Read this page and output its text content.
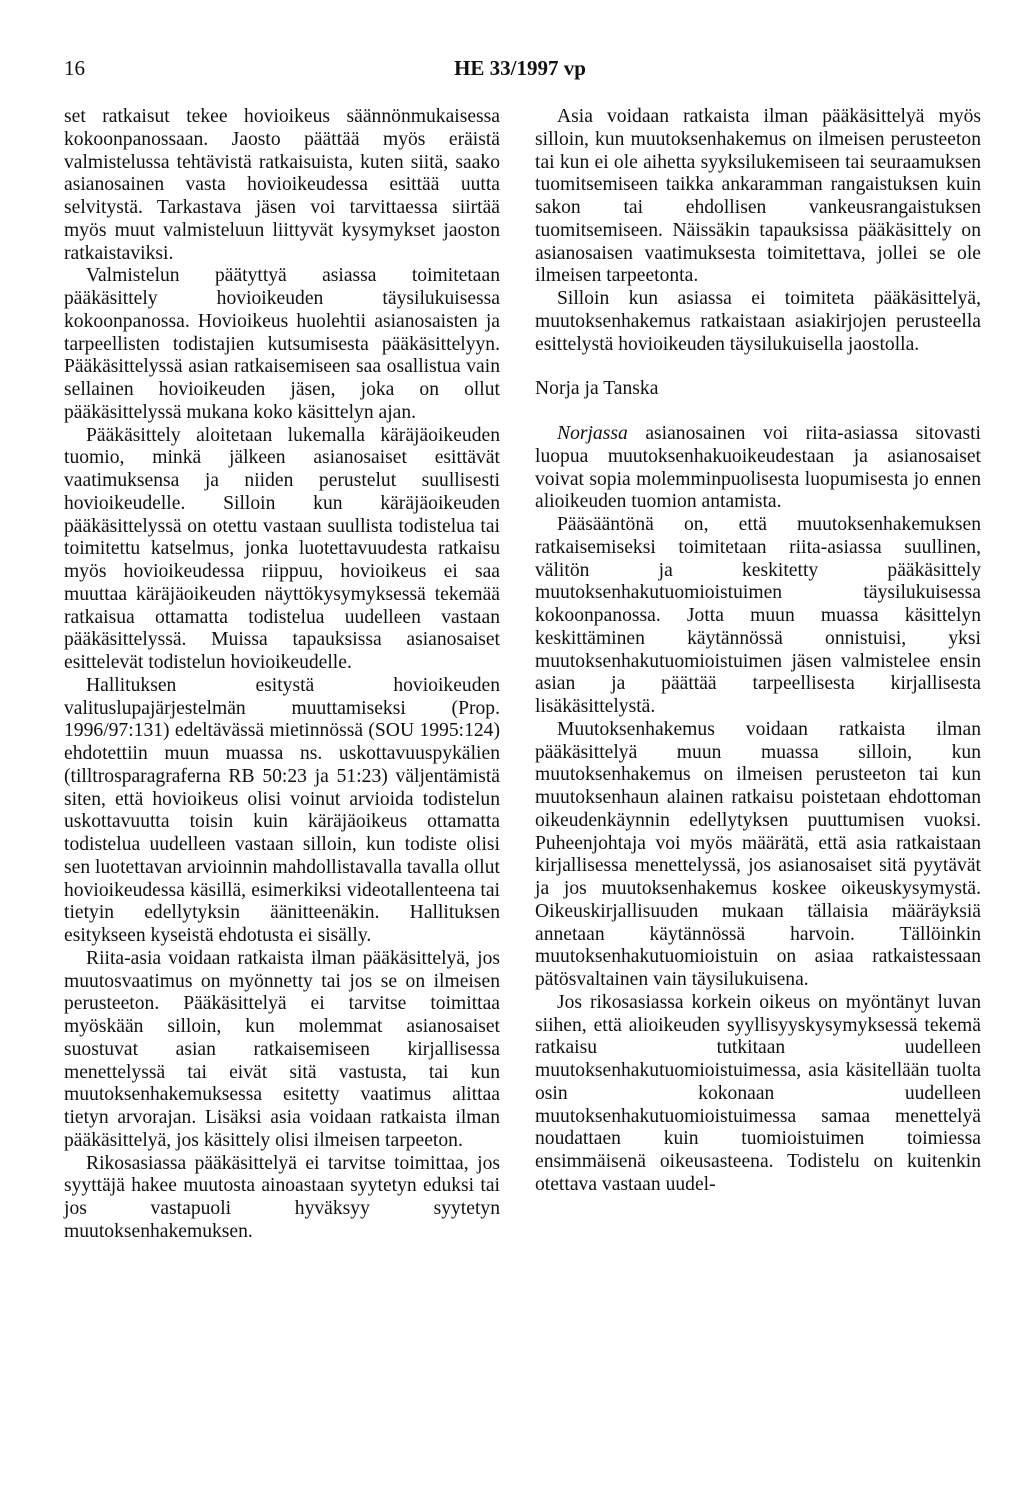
16	HE 33/1997 vp

set ratkaisut tekee hovioikeus säännönmukaisessa kokoonpanossaan. Jaosto päättää myös eräistä valmistelussa tehtävistä ratkaisuista, kuten siitä, saako asianosainen vasta hovioikeudessa esittää uutta selvitystä. Tarkastava jäsen voi tarvittaessa siirtää myös muut valmisteluun liittyvät kysymykset jaoston ratkaistaviksi.

Valmistelun päätyttyä asiassa toimitetaan pääkäsittely hovioikeuden täysilukuisessa kokoonpanossa. Hovioikeus huolehtii asianosaisten ja tarpeellisten todistajien kutsumisesta pääkäsittelyyn. Pääkäsittelyssä asian ratkaisemiseen saa osallistua vain sellainen hovioikeuden jäsen, joka on ollut pääkäsittelyssä mukana koko käsittelyn ajan.

Pääkäsittely aloitetaan lukemalla käräjäoikeuden tuomio, minkä jälkeen asianosaiset esittävät vaatimuksensa ja niiden perustelut suullisesti hovioikeudelle. Silloin kun käräjäoikeuden pääkäsittelyssä on otettu vastaan suullista todistelua tai toimitettu katselmus, jonka luotettavuudesta ratkaisu myös hovioikeudessa riippuu, hovioikeus ei saa muuttaa käräjäoikeuden näyttökysymyksessä tekemää ratkaisua ottamatta todistelua uudelleen vastaan pääkäsittelyssä. Muissa tapauksissa asianosaiset esittelevät todistelun hovioikeudelle.

Hallituksen esitystä hovioikeuden valituslupajärjestelmän muuttamiseksi (Prop. 1996/97:131) edeltävässä mietinnössä (SOU 1995:124) ehdotettiin muun muassa ns. uskottavuuspykälien (tilltrosparagraferna RB 50:23 ja 51:23) väljentämistä siten, että hovioikeus olisi voinut arvioida todistelun uskottavuutta toisin kuin käräjäoikeus ottamatta todistelua uudelleen vastaan silloin, kun todiste olisi sen luotettavan arvioinnin mahdollistavalla tavalla ollut hovioikeudessa käsillä, esimerkiksi videotallenteena tai tietyin edellytyksin äänitteenäkin. Hallituksen esitykseen kyseistä ehdotusta ei sisälly.

Riita-asia voidaan ratkaista ilman pääkäsittelyä, jos muutosvaatimus on myönnetty tai jos se on ilmeisen perusteeton. Pääkäsittelyä ei tarvitse toimittaa myöskään silloin, kun molemmat asianosaiset suostuvat asian ratkaisemiseen kirjallisessa menettelyssä tai eivät sitä vastusta, tai kun muutoksenhakemuksessa esitetty vaatimus alittaa tietyn arvorajan. Lisäksi asia voidaan ratkaista ilman pääkäsittelyä, jos käsittely olisi ilmeisen tarpeeton.

Rikosasiassa pääkäsittelyä ei tarvitse toimittaa, jos syyttäjä hakee muutosta ainoastaan syytetyn eduksi tai jos vastapuoli hyväksyy syytetyn muutoksenhakemuksen.

Asia voidaan ratkaista ilman pääkäsittelyä myös silloin, kun muutoksenhakemus on ilmeisen perusteeton tai kun ei ole aihetta syyksilukemiseen tai seuraamuksen tuomitsemiseen taikka ankaramman rangaistuksen kuin sakon tai ehdollisen vankeusrangaistuksen tuomitsemiseen. Näissäkin tapauksissa pääkäsittely on asianosaisen vaatimuksesta toimitettava, jollei se ole ilmeisen tarpeetonta.

Silloin kun asiassa ei toimiteta pääkäsittelyä, muutoksenhakemus ratkaistaan asiakirjojen perusteella esittelystä hovioikeuden täysilukuisella jaostolla.

Norja ja Tanska

Norjassa asianosainen voi riita-asiassa sitovasti luopua muutoksenhakuoikeudestaan ja asianosaiset voivat sopia molemminpuolisesta luopumisesta jo ennen alioikeuden tuomion antamista.

Pääsääntönä on, että muutoksenhakemuksen ratkaisemiseksi toimitetaan riita-asiassa suullinen, välitön ja keskitetty pääkäsittely muutoksenhakutuomioistuimen täysilukuisessa kokoonpanossa. Jotta muun muassa käsittelyn keskittäminen käytännössä onnistuisi, yksi muutoksenhakutuomioistuimen jäsen valmistelee ensin asian ja päättää tarpeellisesta kirjallisesta lisäkäsittelystä.

Muutoksenhakemus voidaan ratkaista ilman pääkäsittelyä muun muassa silloin, kun muutoksenhakemus on ilmeisen perusteeton tai kun muutoksenhaun alainen ratkaisu poistetaan ehdottoman oikeudenkäynnin edellytyksen puuttumisen vuoksi. Puheenjohtaja voi myös määrätä, että asia ratkaistaan kirjallisessa menettelyssä, jos asianosaiset sitä pyytävät ja jos muutoksenhakemus koskee oikeuskysymystä. Oikeuskirjallisuuden mukaan tällaisia määräyksiä annetaan käytännössä harvoin. Tällöinkin muutoksenhakutuomioistuin on asiaa ratkaistessaan pätösvaltainen vain täysilukuisena.

Jos rikosasiassa korkein oikeus on myöntänyt luvan siihen, että alioikeuden syyllisyyskysymyksessä tekemä ratkaisu tutkitaan uudelleen muutoksenhakutuomioistuimessa, asia käsitellään tuolta osin kokonaan uudelleen muutoksenhakutuomioistuimessa samaa menettelyä noudattaen kuin tuomioistuimen toimiessa ensimmäisenä oikeusasteena. Todistelu on kuitenkin otettava vastaan uudel-
